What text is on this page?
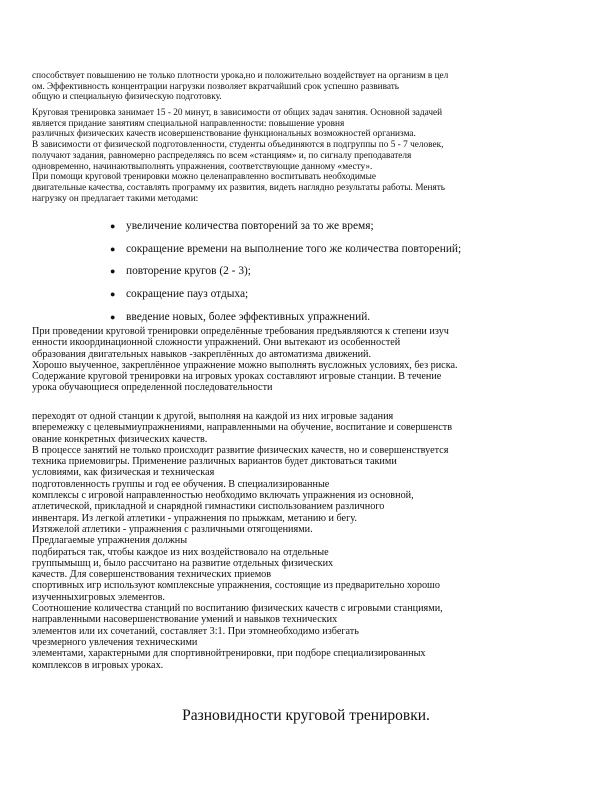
способствует повышению не только плотности урока,но и положительно воздействует на организм в цел
ом. Эффективность концентрации нагрузки позволяет вкратчайший срок успешно развивать
общую и специальную физическую подготовку.
Круговая тренировка занимает 15 - 20 минут, в зависимости от общих задач занятия. Основной задачей
является придание занятиям специальной направленности: повышение уровня
различных физических качеств исовершенствование функциональных возможностей организма.
В зависимости от физической подготовленности, студенты объединяются в подгруппы по 5 - 7 человек,
получают задания, равномерно распределяясь по всем «станциям» и, по сигналу преподавателя
одновременно, начинаютвыполнять упражнения, соответствующие данному «месту».
При помощи круговой тренировки можно целенаправленно воспитывать необходимые
двигательные качества, составлять программу их развития, видеть наглядно результаты работы. Менять
нагрузку он предлагает такими методами:
● увеличение количества повторений за то же время;
● сокращение времени на выполнение того же количества повторений;
● повторение кругов (2 - 3);
● сокращение пауз отдыха;
● введение новых, более эффективных упражнений.
При проведении круговой тренировки определённые требования предъявляются к степени изуч
енности икоординационной сложности упражнений. Они вытекают из особенностей
образования двигательных навыков -закреплённых до автоматизма движений.
Хорошо выученное, закреплённое упражнение можно выполнять вусложных условиях, без риска.
Содержание круговой тренировки на игровых уроках составляют игровые станции. В течение
урока обучающиеся определенной последовательности
переходят от одной станции к другой, выполняя на каждой из них игровые задания
вперемежку с целевымиупражнениями, направленными на обучение, воспитание и совершенств
ование конкретных физических качеств.
В процессе занятий не только происходит развитие физических качеств, но и совершенствуется
техника приемовигры. Применение различных вариантов будет диктоваться такими
условиями, как физическая и техническая
подготовленность группы и год ее обучения. В специализированные
комплексы с игровой направленностью необходимо включать упражнения из основной,
атлетической, прикладной и снарядной гимнастики сиспользованием различного
инвентаря. Из легкой атлетики - упражнения по прыжкам, метанию и бегу.
Изтяжелой атлетики - упражнения с различными отягощениями.
Предлагаемые упражнения должны
подбираться так, чтобы каждое из них воздействовало на отдельные
группымышц и, было рассчитано на развитие отдельных физических
качеств. Для совершенствования технических приемов
спортивных игр используют комплексные упражнения, состоящие из предварительно хорошо
изученныхигровых элементов.
Соотношение количества станций по воспитанию физических качеств с игровыми станциями,
направленными насовершенствование умений и навыков технических
элементов или их сочетаний, составляет 3:1. При этомнеобходимо избегать
чрезмерного увлечения техническими
элементами, характерными для спортивнойтренировки, при подборе специализированных
комплексов в игровых уроках.
Разновидности круговой тренировки.
